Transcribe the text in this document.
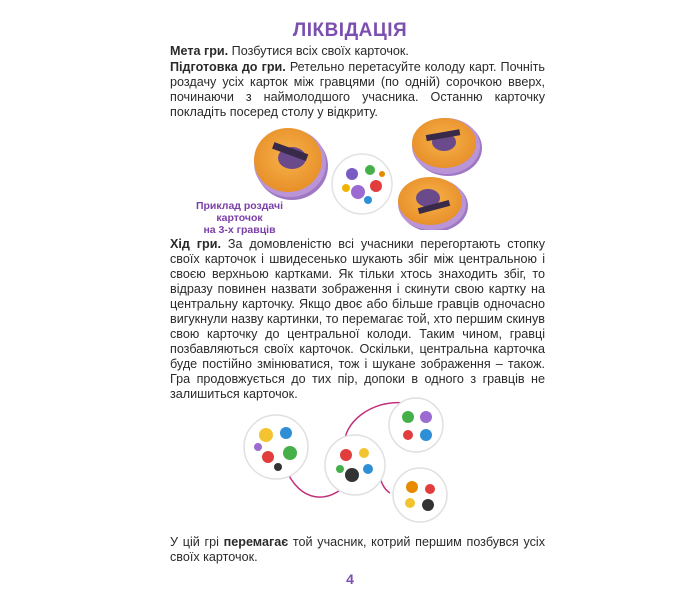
ЛІКВІДАЦІЯ
Мета гри. Позбутися всіх своїх карточок.
Підготовка до гри. Ретельно перетасуйте колоду карт. Почніть роздачу усіх карток між гравцями (по одній) сорочкою вверх, починаючи з наймолодшого учасника. Останню карточку покладіть посеред столу у відкриту.
Приклад роздачі карточок
на 3-х гравців
Хід гри. За домовленістю всі учасники перегортають стопку своїх карточок і швидесенько шукають збіг між центральною і своєю верхньою картками. Як тільки хтось знаходить збіг, то відразу повинен назвати зображення і скинути свою картку на центральну карточку. Якщо двоє або більше гравців одночасно вигукнули назву картинки, то перемагає той, хто першим скинув свою карточку до центральної колоди. Таким чином, гравці позбавляються своїх карточок. Оскільки, центральна карточка буде постійно змінюватися, тож і шукане зображення – також. Гра продовжується до тих пір, допоки в одного з гравців не залишиться карточок.
У цій грі перемагає той учасник, котрий першим позбувся усіх своїх карточок.
4
